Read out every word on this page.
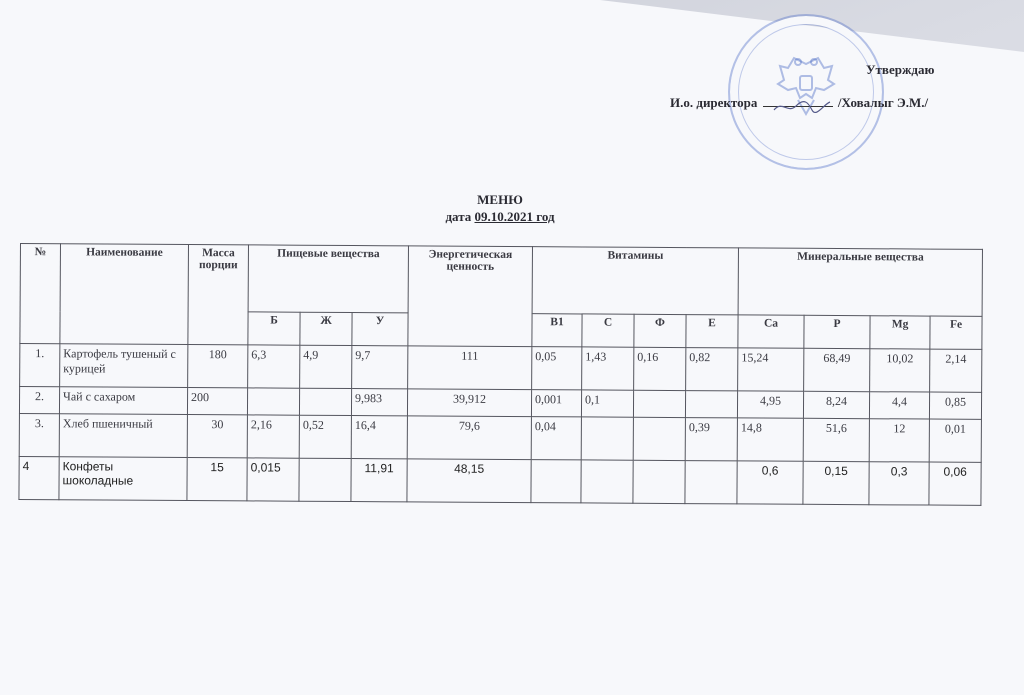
Утверждаю
И.о. директора	/Ховалыг Э.М./
МЕНЮ
дата 09.10.2021 год
№	Наименование	Масса порции	Пищевые вещества			Энергетическая ценность	Витамины				Минеральные вещества			
			Б	Ж	У		B1	C	Ф	E	Ca	P	Mg	Fe
1.	Картофель тушеный с курицей	180	6,3	4,9	9,7	111	0,05	1,43	0,16	0,82	15,24	68,49	10,02	2,14
2.	Чай с сахаром	200			9,983	39,912	0,001	0,1			4,95	8,24	4,4	0,85
3.	Хлеб пшеничный	30	2,16	0,52	16,4	79,6	0,04			0,39	14,8	51,6	12	0,01
4	Конфеты шоколадные	15	0,015		11,91	48,15					0,6	0,15	0,3	0,06
